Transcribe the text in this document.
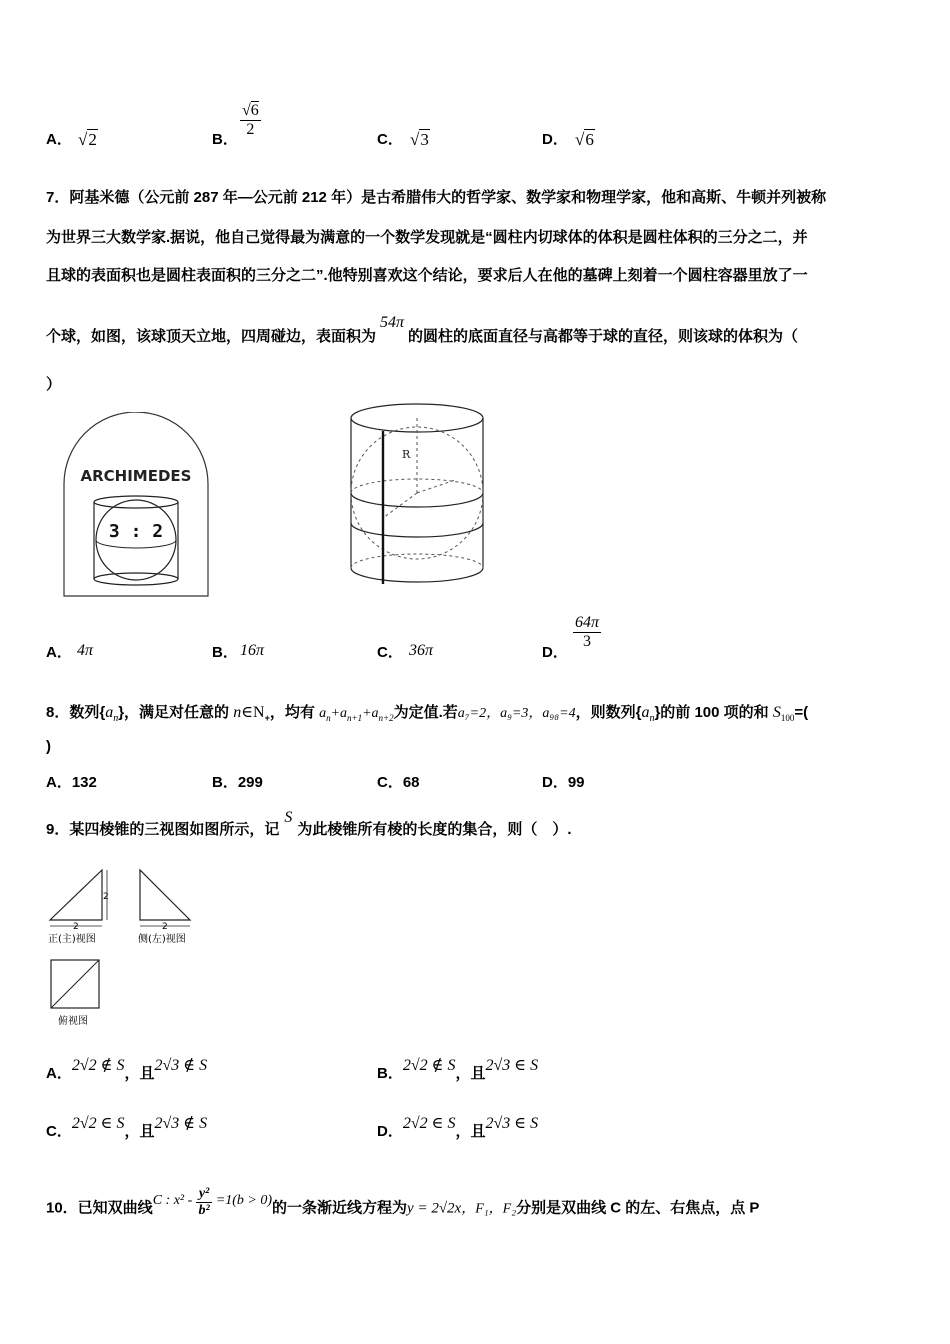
A． √2	B．
$\frac{√6}{2}$
C． √3	D． √6
7．阿基米德（公元前 287 年—公元前 212 年）是古希腊伟大的哲学家、数学家和物理学家，他和高斯、牛顿并列被称
为世界三大数学家.据说，他自己觉得最为满意的一个数学发现就是“圆柱内切球体的体积是圆柱体积的三分之二，并
且球的表面积也是圆柱表面积的三分之二”.他特别喜欢这个结论，要求后人在他的墓碑上刻着一个圆柱容器里放了一
个球，如图，该球顶天立地，四周碰边，表面积为54π的圆柱的底面直径与高都等于球的直径，则该球的体积为（
）
ARCHIMEDES
3 : 2
R
A． 4π	B． 16π	C． 36π	D．
$\frac{64\pi}{3}$
8．数列$\{a_n\}$，满足对任意的 $n\in N_+$，均有 $a_n+a_{n+1}+a_{n+2}$为定值.若a₇=2，a₉=3，a₉₈=4，则数列$\{a_n\}$的前 100 项的和 $S_{100}=$(
)
A．132	B．299	C．68	D．99
9．某四棱锥的三视图如图所示，记S为此棱锥所有棱的长度的集合，则（　）.
2
2
正(主)视图
2
侧(左)视图
俯视图
A．2√2 ∉ S，且2√3 ∉ S	B．2√2 ∉ S，且2√3 ∈ S
C．2√2 ∈ S，且2√3 ∉ S	D．2√2 ∈ S，且2√3 ∈ S
10．已知双曲线C : $x^2 - \frac{\text{y²}}{\text{b²}} =1(b > 0)$的一条渐近线方程为y = 2√2x，F₁，F₂分别是双曲线 C 的左、右焦点，点 P
